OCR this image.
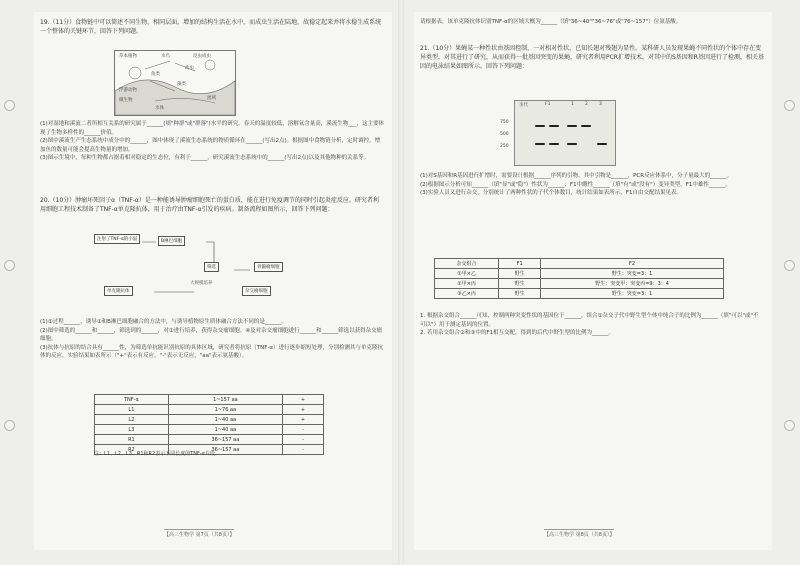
19.（11分）食物链中可以简述不同生物，相同层面，增加的结构生活在水中，而成虫生活在陆地，故稳定起来并将水稳生成系统一个整体的关键环节，回答下列问题。

草本植物	水鸟
鱼类
浮游动物
微生物
水体
藻类
昆虫成虫
幼虫
流域

(1)对湿地和溪流二者所相互关系的研究属于______(填"种群"或"群落")水平的研究。春天的温度较低，溶解氧含量高，溪流生物___，这主要体现了生物多样性的______价值。

(2)图中溪流生产生态系统中成分中的______，图中体现了溪流生态系统的物质循环在______(写出2点)。根据图中食物链分析，定时调控，增加鱼的数量可能会提高生物量的增加。

(3)图示生境中，每种生物都占据着相对稳定的生态位，有利于______，研究溪流生态系统中的______(写出2点)以及其他物种的关系等。

20.（10分）肿瘤坏死因子α（TNF-α）是一种能诱导肿瘤细胞死亡的蛋白质，能在进行免疫调节的同时引起炎症反应。研究者利用细胞工程技术制备了TNF-α单克隆抗体，用于治疗由TNF-α引发的疾病。制备流程如图所示，回答下列问题：

注射了TNF-α的小鼠	B淋巴细胞
筛选	骨髓瘤细胞
杂交瘤细胞
单克隆抗体
大规模培养

(1)①过程______，诱导①和B淋巴细胞融合的方法中，与诱导植物原生质体融合方法不同的是______。

(2)图中筛选的______和______，筛选到的______，对②进行培养，获得杂交瘤细胞。④及对杂交瘤细胞进行______和______筛选以获得杂交瘤细胞。

(3)抗体与抗原的结合具有______性，为筛选单抗能识别抗原的具体区域，研究者将抗原（TNF-α）进行逐步缩短处理，分别检测其与单克隆抗体的反应，实验结果如表所示（"+"表示有反应，"-"表示无反应，"aa"表示氨基酸）。

TNF-α	1~157 aa	+
L1	1~76 aa	+
L2	1~40 aa	+
L3	1~40 aa	-
R1	36~157 aa	-
R2	36~157 aa	-
注：L1、L2、L3、R1和R2表示不同长度的TNF-α片段。
【高三生物学 第7页（共8页）】

请根据表，该单克隆抗体识别TNF-α的区域大概为______（填"36~40""36~76"或"76~157"）位氨基酸。

21.（10分）果蝇某一种性状由基因控制，一对相对性状，已知长翅对残翅为显性。某科研人员发现果蝇不同性状的个体中存在变异类型，对其进行了研究，从而获得一批基因突变的果蝇，研究者利用PCR扩增技术，对其中的S基因和R基因进行了检测，相关基因的电泳结果如图所示。回答下列问题：

亲代	F1	1 2 3
750
500
250

(1)对S基因和R基因进行扩增时，需要设计根据______序列的引物，其中引物是______，PCR反应体系中，分子量最大的______。

(2)根据图示分析可知______（填"显"或"隐"）性状为______；F1中雌性______（填"有"或"没有"）变异类型，F1中雄性______。

(3)实验人员又进行杂交，分别统计了两种性状的子代个体数目，统计结果如表所示，F1自由交配结果见表。

杂交组合	F1	F2
①甲×乙	野生	野生：突变=3：1
②甲×丙	野生	野生：突变甲：突变丙=9：3：4
③乙×丙	野生	野生：突变=3：1

1. 根据杂交组合______可知，控制两种突变性状的基因位于______，组合①杂交子代中野生型个体中纯合子的比例为______（填"可以"或"不可以"）用于测定基因的位置。

2. 若用杂交组合②和③中的F1相互交配，得到的后代中野生型的比例为______。

【高三生物学 第8页（共8页）】
